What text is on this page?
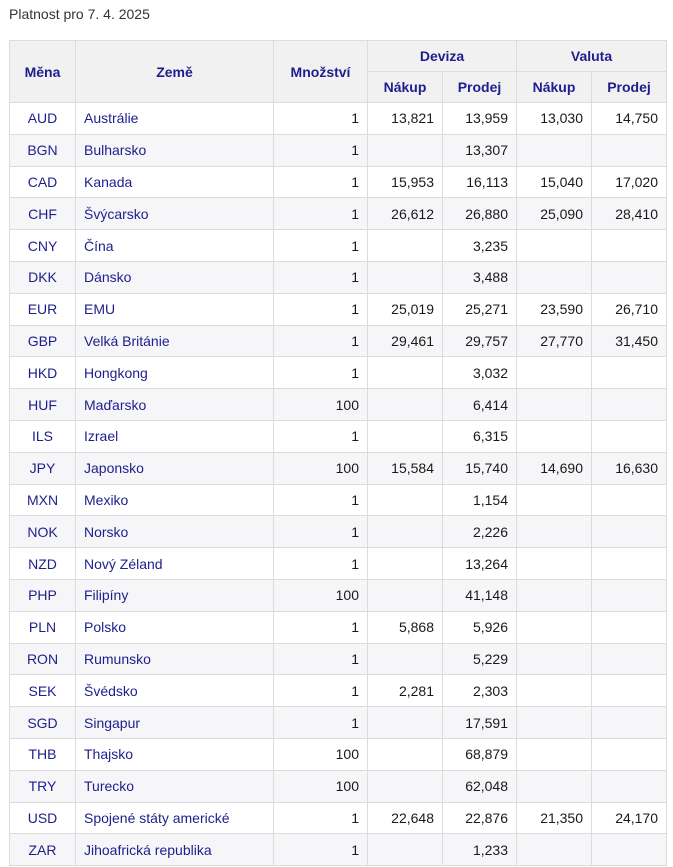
Platnost pro 7. 4. 2025
Měna	Země	Množství	Deviza		Valuta	
			Nákup	Prodej	Nákup	Prodej
AUD	Austrálie	1	13,821	13,959	13,030	14,750
BGN	Bulharsko	1		13,307		
CAD	Kanada	1	15,953	16,113	15,040	17,020
CHF	Švýcarsko	1	26,612	26,880	25,090	28,410
CNY	Čína	1		3,235		
DKK	Dánsko	1		3,488		
EUR	EMU	1	25,019	25,271	23,590	26,710
GBP	Velká Británie	1	29,461	29,757	27,770	31,450
HKD	Hongkong	1		3,032		
HUF	Maďarsko	100		6,414		
ILS	Izrael	1		6,315		
JPY	Japonsko	100	15,584	15,740	14,690	16,630
MXN	Mexiko	1		1,154		
NOK	Norsko	1		2,226		
NZD	Nový Zéland	1		13,264		
PHP	Filipíny	100		41,148		
PLN	Polsko	1	5,868	5,926		
RON	Rumunsko	1		5,229		
SEK	Švédsko	1	2,281	2,303		
SGD	Singapur	1		17,591		
THB	Thajsko	100		68,879		
TRY	Turecko	100		62,048		
USD	Spojené státy americké	1	22,648	22,876	21,350	24,170
ZAR	Jihoafrická republika	1		1,233		
